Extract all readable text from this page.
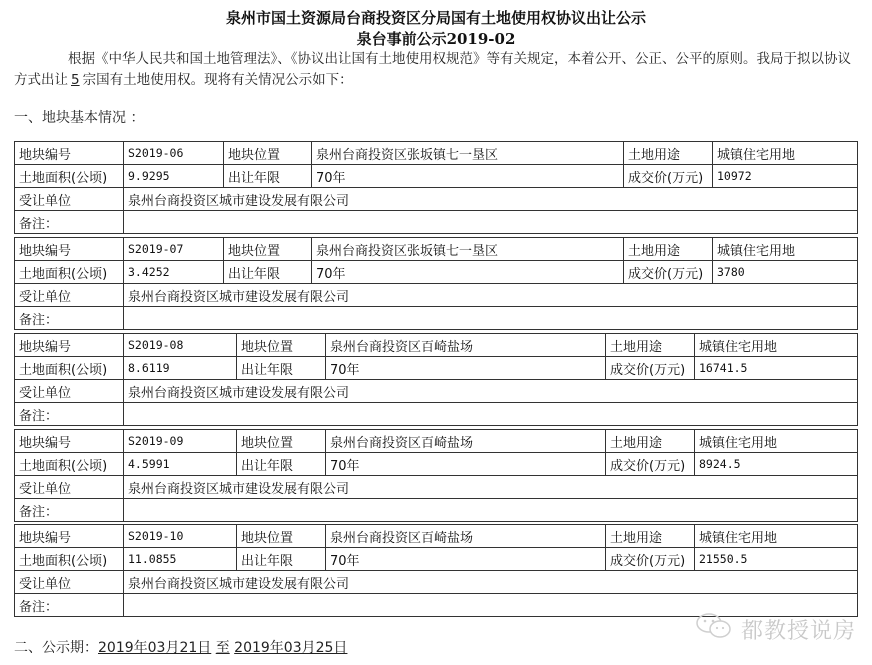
泉州市国土资源局台商投资区分局国有土地使用权协议出让公示
泉台事前公示2019-02
根据《中华人民共和国土地管理法》、《协议出让国有土地使用权规范》等有关规定，本着公开、公正、公平的原则。我局于拟以协议方式出让 5 宗国有土地使用权。现将有关情况公示如下：
一、地块基本情况 ：
地块编号	S2019-06	地块位置	泉州台商投资区张坂镇七一垦区	土地用途	城镇住宅用地
土地面积(公顷)	9.9295	出让年限	70年	成交价(万元)	10972
受让单位	泉州台商投资区城市建设发展有限公司				
备注：					
地块编号	S2019-07	地块位置	泉州台商投资区张坂镇七一垦区	土地用途	城镇住宅用地
土地面积(公顷)	3.4252	出让年限	70年	成交价(万元)	3780
受让单位	泉州台商投资区城市建设发展有限公司				
备注：					
地块编号	S2019-08	地块位置	泉州台商投资区百崎盐场	土地用途	城镇住宅用地
土地面积(公顷)	8.6119	出让年限	70年	成交价(万元)	16741.5
受让单位	泉州台商投资区城市建设发展有限公司				
备注：					
地块编号	S2019-09	地块位置	泉州台商投资区百崎盐场	土地用途	城镇住宅用地
土地面积(公顷)	4.5991	出让年限	70年	成交价(万元)	8924.5
受让单位	泉州台商投资区城市建设发展有限公司				
备注：					
地块编号	S2019-10	地块位置	泉州台商投资区百崎盐场	土地用途	城镇住宅用地
土地面积(公顷)	11.0855	出让年限	70年	成交价(万元)	21550.5
受让单位	泉州台商投资区城市建设发展有限公司				
备注：					
二、公示期：2019年03月21日 至 2019年03月25日
都教授说房
